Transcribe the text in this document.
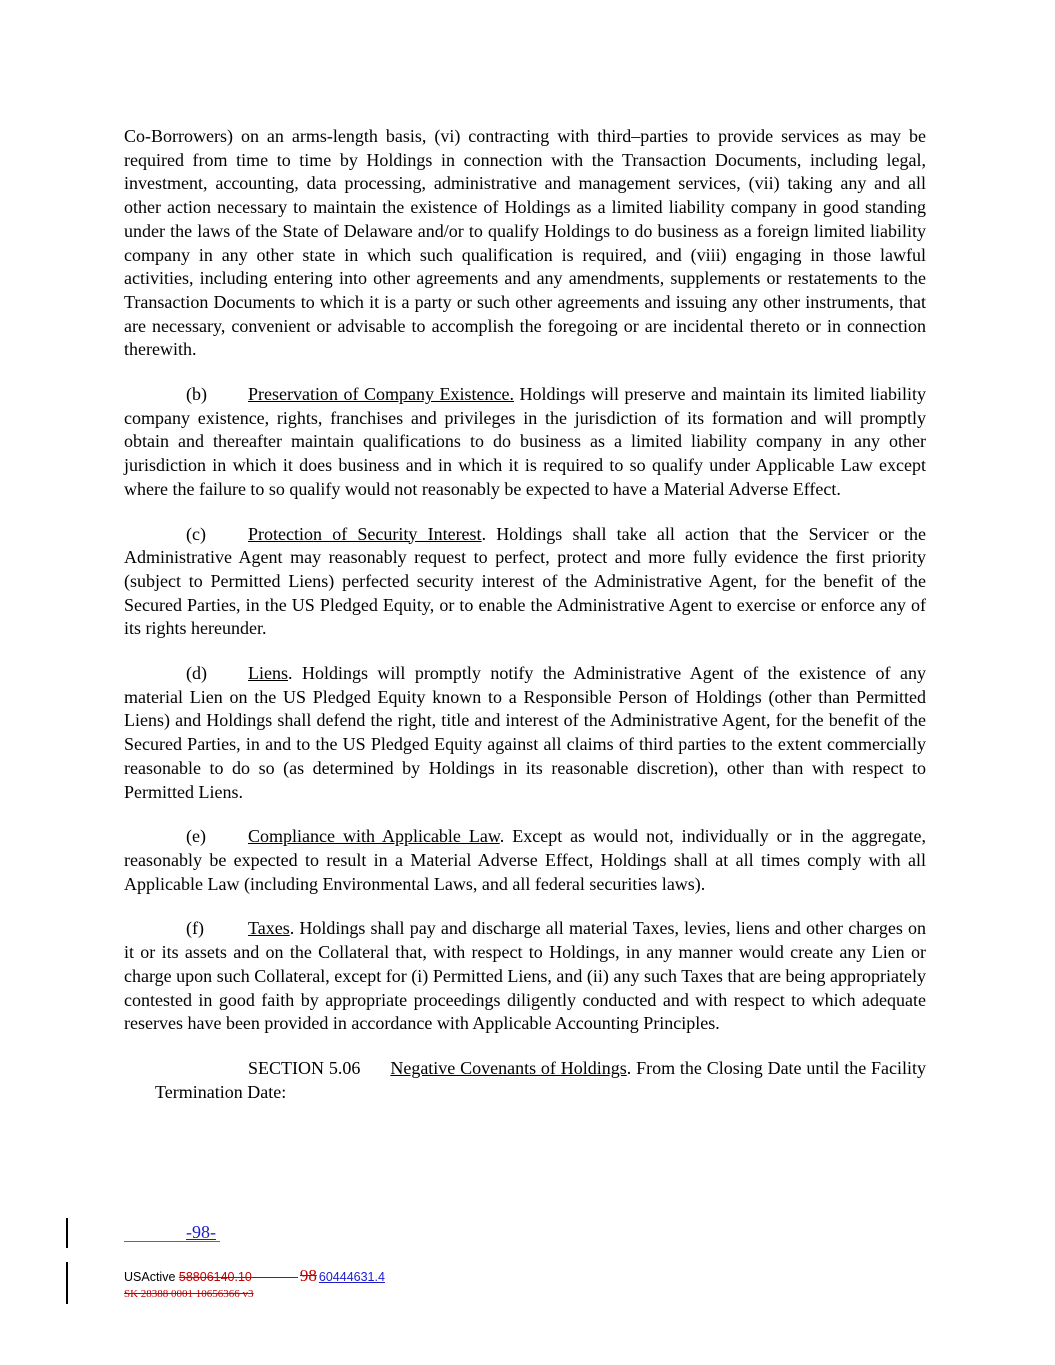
Co-Borrowers) on an arms-length basis, (vi) contracting with third–parties to provide services as may be required from time to time by Holdings in connection with the Transaction Documents, including legal, investment, accounting, data processing, administrative and management services, (vii) taking any and all other action necessary to maintain the existence of Holdings as a limited liability company in good standing under the laws of the State of Delaware and/or to qualify Holdings to do business as a foreign limited liability company in any other state in which such qualification is required, and (viii) engaging in those lawful activities, including entering into other agreements and any amendments, supplements or restatements to the Transaction Documents to which it is a party or such other agreements and issuing any other instruments, that are necessary, convenient or advisable to accomplish the foregoing or are incidental thereto or in connection therewith.

(b) Preservation of Company Existence. Holdings will preserve and maintain its limited liability company existence, rights, franchises and privileges in the jurisdiction of its formation and will promptly obtain and thereafter maintain qualifications to do business as a limited liability company in any other jurisdiction in which it does business and in which it is required to so qualify under Applicable Law except where the failure to so qualify would not reasonably be expected to have a Material Adverse Effect.

(c) Protection of Security Interest. Holdings shall take all action that the Servicer or the Administrative Agent may reasonably request to perfect, protect and more fully evidence the first priority (subject to Permitted Liens) perfected security interest of the Administrative Agent, for the benefit of the Secured Parties, in the US Pledged Equity, or to enable the Administrative Agent to exercise or enforce any of its rights hereunder.

(d) Liens. Holdings will promptly notify the Administrative Agent of the existence of any material Lien on the US Pledged Equity known to a Responsible Person of Holdings (other than Permitted Liens) and Holdings shall defend the right, title and interest of the Administrative Agent, for the benefit of the Secured Parties, in and to the US Pledged Equity against all claims of third parties to the extent commercially reasonable to do so (as determined by Holdings in its reasonable discretion), other than with respect to Permitted Liens.

(e) Compliance with Applicable Law. Except as would not, individually or in the aggregate, reasonably be expected to result in a Material Adverse Effect, Holdings shall at all times comply with all Applicable Law (including Environmental Laws, and all federal securities laws).

(f) Taxes. Holdings shall pay and discharge all material Taxes, levies, liens and other charges on it or its assets and on the Collateral that, with respect to Holdings, in any manner would create any Lien or charge upon such Collateral, except for (i) Permitted Liens, and (ii) any such Taxes that are being appropriately contested in good faith by appropriate proceedings diligently conducted and with respect to which adequate reserves have been provided in accordance with Applicable Accounting Principles.

SECTION 5.06 Negative Covenants of Holdings. From the Closing Date until the Facility Termination Date:

-98-
USActive 58806140.10	98 60444631.4
SK 28388 0001 10656366 v3
